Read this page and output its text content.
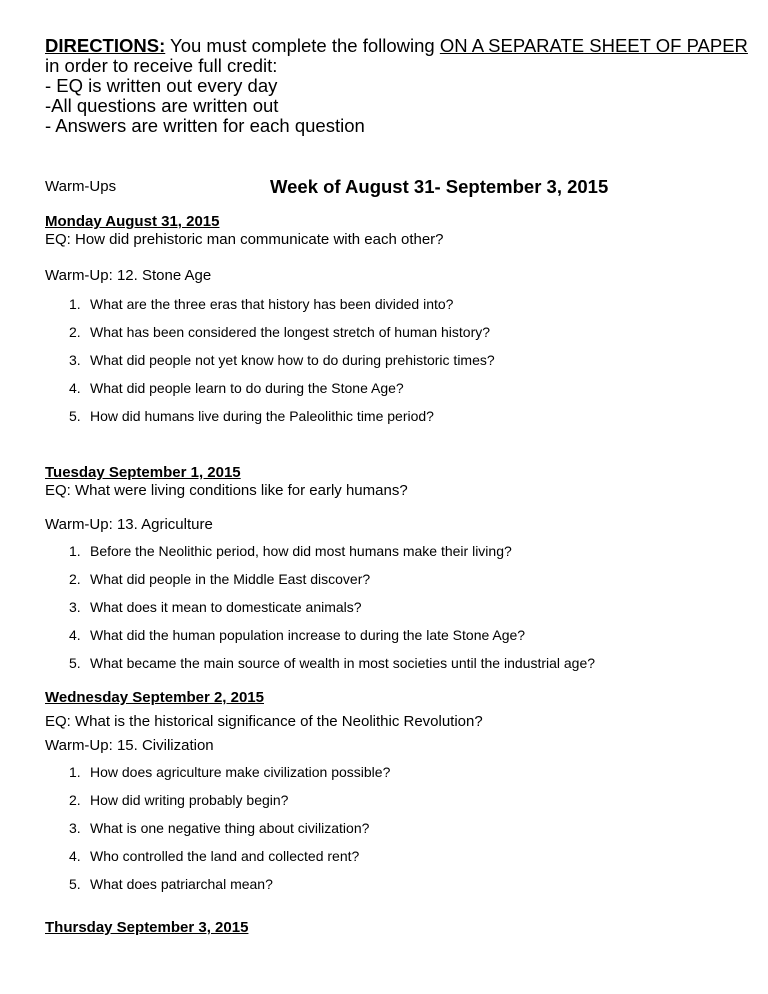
DIRECTIONS: You must complete the following ON A SEPARATE SHEET OF PAPER
in order to receive full credit:
- EQ is written out every day
-All questions are written out
- Answers are written for each question
Warm-Ups	Week of August 31- September 3, 2015
Monday August 31, 2015
EQ: How did prehistoric man communicate with each other?
Warm-Up: 12. Stone Age
1. What are the three eras that history has been divided into?
2. What has been considered the longest stretch of human history?
3. What did people not yet know how to do during prehistoric times?
4. What did people learn to do during the Stone Age?
5. How did humans live during the Paleolithic time period?
Tuesday September 1, 2015
EQ: What were living conditions like for early humans?
Warm-Up: 13. Agriculture
1. Before the Neolithic period, how did most humans make their living?
2. What did people in the Middle East discover?
3. What does it mean to domesticate animals?
4. What did the human population increase to during the late Stone Age?
5. What became the main source of wealth in most societies until the industrial age?
Wednesday September 2, 2015
EQ: What is the historical significance of the Neolithic Revolution?
Warm-Up: 15. Civilization
1. How does agriculture make civilization possible?
2. How did writing probably begin?
3. What is one negative thing about civilization?
4. Who controlled the land and collected rent?
5. What does patriarchal mean?
Thursday September 3, 2015
